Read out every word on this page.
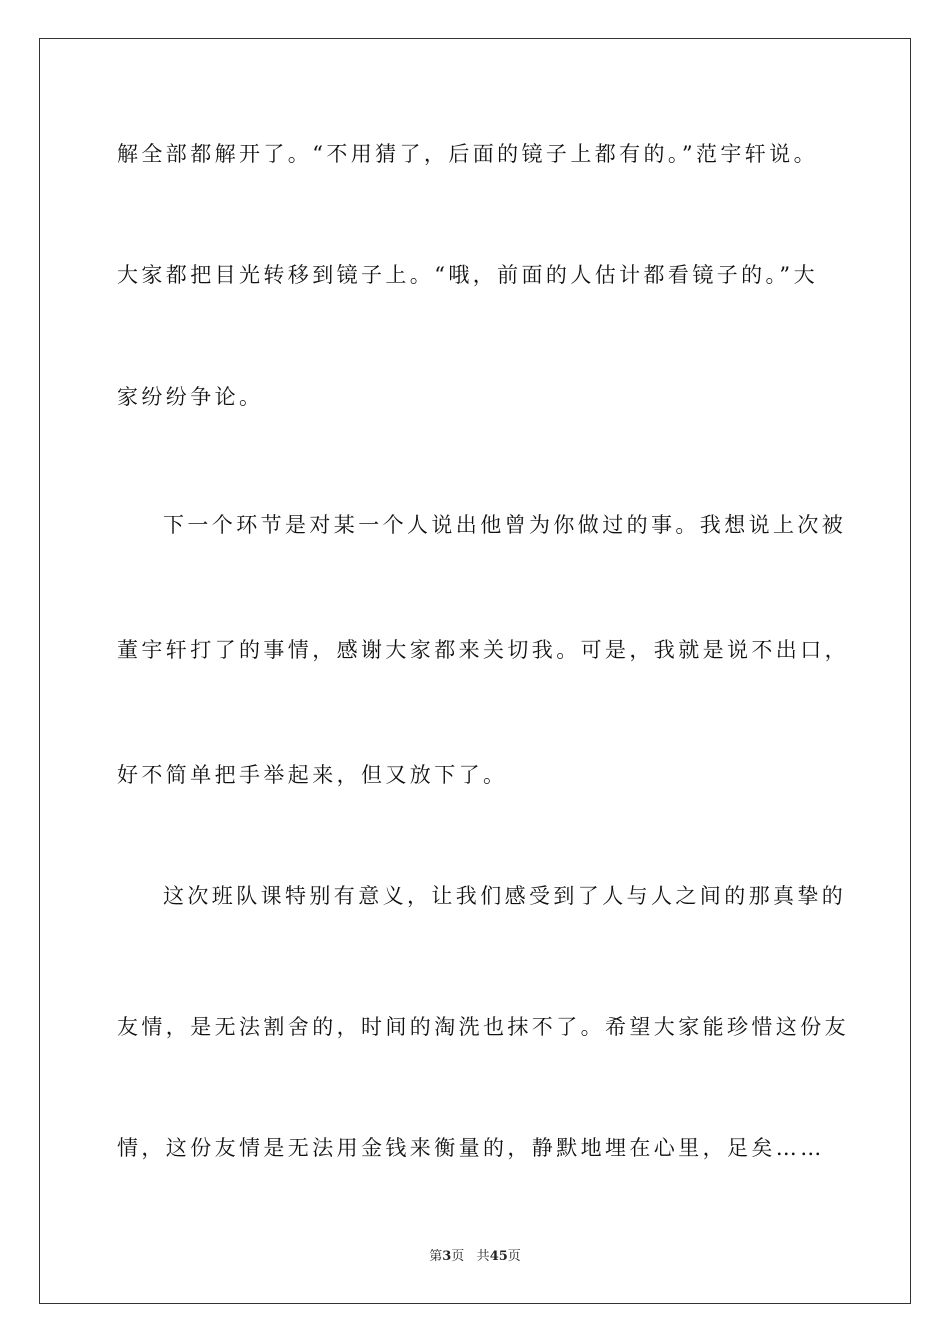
解全部都解开了。“不用猜了，后面的镜子上都有的。”范宇轩说。
大家都把目光转移到镜子上。“哦，前面的人估计都看镜子的。”大
家纷纷争论。
下一个环节是对某一个人说出他曾为你做过的事。我想说上次被
董宇轩打了的事情，感谢大家都来关切我。可是，我就是说不出口，
好不简单把手举起来，但又放下了。
这次班队课特别有意义，让我们感受到了人与人之间的那真挚的
友情，是无法割舍的，时间的淘洗也抹不了。希望大家能珍惜这份友
情，这份友情是无法用金钱来衡量的，静默地埋在心里，足矣……
第3页 共45页
